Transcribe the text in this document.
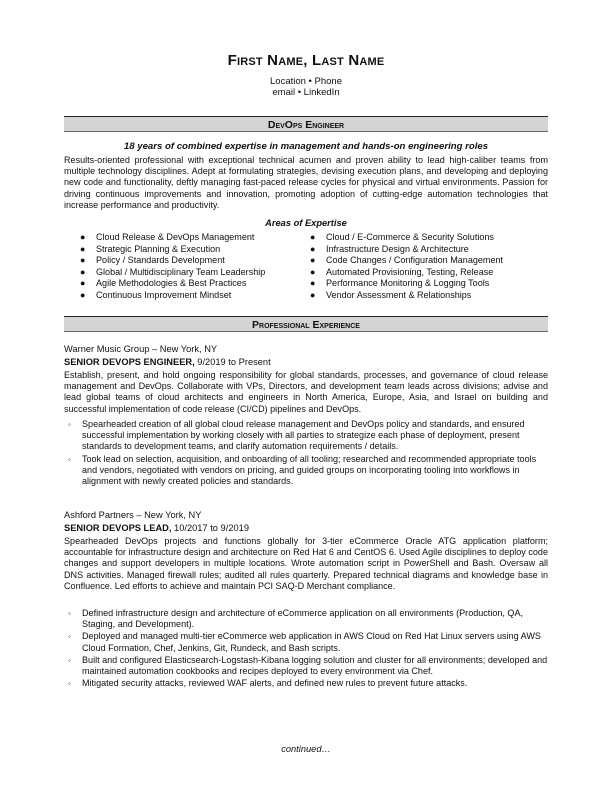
First Name, Last Name
Location • Phone
email • LinkedIn
DevOps Engineer
18 years of combined expertise in management and hands-on engineering roles
Results-oriented professional with exceptional technical acumen and proven ability to lead high-caliber teams from multiple technology disciplines. Adept at formulating strategies, devising execution plans, and developing and deploying new code and functionality, deftly managing fast-paced release cycles for physical and virtual environments. Passion for driving continuous improvements and innovation, promoting adoption of cutting-edge automation technologies that increase performance and productivity.
Areas of Expertise
● Cloud Release & DevOps Management
● Strategic Planning & Execution
● Policy / Standards Development
● Global / Multidisciplinary Team Leadership
● Agile Methodologies & Best Practices
● Continuous Improvement Mindset
● Cloud / E-Commerce & Security Solutions
● Infrastructure Design & Architecture
● Code Changes / Configuration Management
● Automated Provisioning, Testing, Release
● Performance Monitoring & Logging Tools
● Vendor Assessment & Relationships
Professional Experience
Warner Music Group – New York, NY
SENIOR DEVOPS ENGINEER, 9/2019 to Present
Establish, present, and hold ongoing responsibility for global standards, processes, and governance of cloud release management and DevOps. Collaborate with VPs, Directors, and development team leads across divisions; advise and lead global teams of cloud architects and engineers in North America, Europe, Asia, and Israel on building and successful implementation of code release (CI/CD) pipelines and DevOps.
◦ Spearheaded creation of all global cloud release management and DevOps policy and standards, and ensured successful implementation by working closely with all parties to strategize each phase of deployment, present standards to development teams, and clarify automation requirements / details.
◦ Took lead on selection, acquisition, and onboarding of all tooling; researched and recommended appropriate tools and vendors, negotiated with vendors on pricing, and guided groups on incorporating tooling into workflows in alignment with newly created policies and standards.
Ashford Partners – New York, NY
SENIOR DEVOPS LEAD, 10/2017 to 9/2019
Spearheaded DevOps projects and functions globally for 3-tier eCommerce Oracle ATG application platform; accountable for infrastructure design and architecture on Red Hat 6 and CentOS 6. Used Agile disciplines to deploy code changes and support developers in multiple locations. Wrote automation script in PowerShell and Bash. Oversaw all DNS activities. Managed firewall rules; audited all rules quarterly. Prepared technical diagrams and knowledge base in Confluence. Led efforts to achieve and maintain PCI SAQ-D Merchant compliance.
◦ Defined infrastructure design and architecture of eCommerce application on all environments (Production, QA, Staging, and Development).
◦ Deployed and managed multi-tier eCommerce web application in AWS Cloud on Red Hat Linux servers using AWS Cloud Formation, Chef, Jenkins, Git, Rundeck, and Bash scripts.
◦ Built and configured Elasticsearch-Logstash-Kibana logging solution and cluster for all environments; developed and maintained automation cookbooks and recipes deployed to every environment via Chef.
◦ Mitigated security attacks, reviewed WAF alerts, and defined new rules to prevent future attacks.
continued…
